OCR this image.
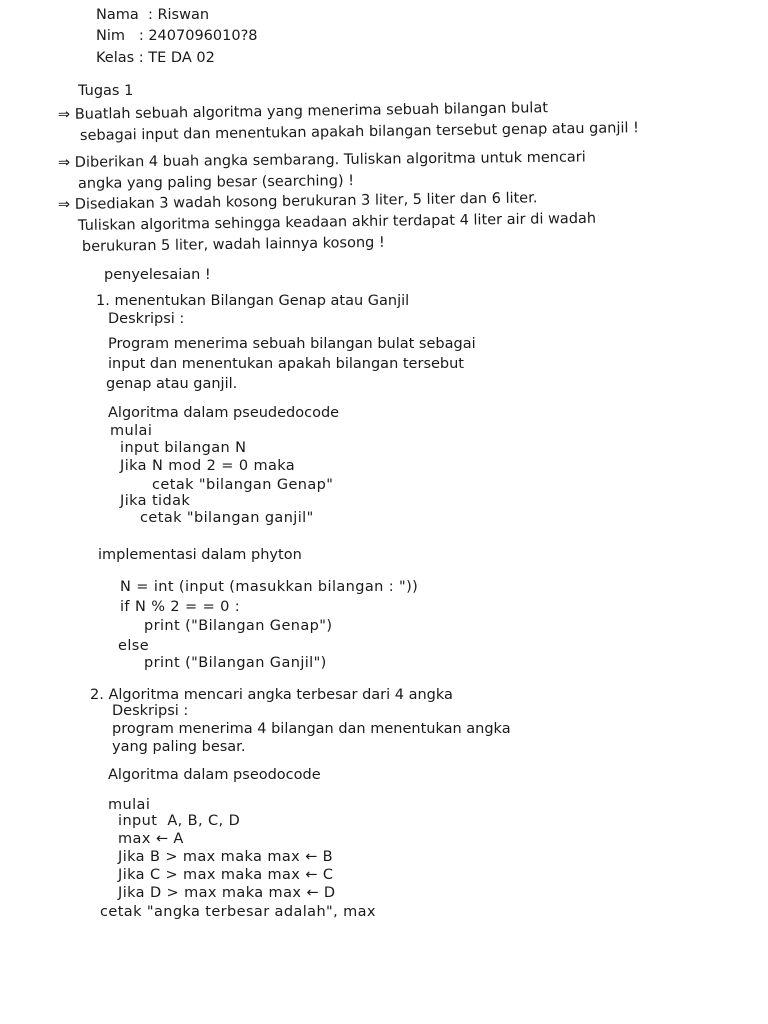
Nama  : Riswan
Nim   : 2407096010?8
Kelas : TE DA 02
Tugas 1
⇒ Buatlah sebuah algoritma yang menerima sebuah bilangan bulat
sebagai input dan menentukan apakah bilangan tersebut genap atau ganjil !
⇒ Diberikan 4 buah angka sembarang. Tuliskan algoritma untuk mencari
angka yang paling besar (searching) !
⇒ Disediakan 3 wadah kosong berukuran 3 liter, 5 liter dan 6 liter.
Tuliskan algoritma sehingga keadaan akhir terdapat 4 liter air di wadah
berukuran 5 liter, wadah lainnya kosong !
penyelesaian !
1. menentukan Bilangan Genap atau Ganjil
Deskripsi :
Program menerima sebuah bilangan bulat sebagai
input dan menentukan apakah bilangan tersebut
genap atau ganjil.
Algoritma dalam pseudedocode
mulai
input bilangan N
Jika N mod 2 = 0 maka
cetak "bilangan Genap"
Jika tidak
cetak "bilangan ganjil"
implementasi dalam phyton
N = int (input (masukkan bilangan : "))
if N % 2 = = 0 :
print ("Bilangan Genap")
else
print ("Bilangan Ganjil")
2. Algoritma mencari angka terbesar dari 4 angka
Deskripsi :
program menerima 4 bilangan dan menentukan angka
yang paling besar.
Algoritma dalam pseodocode
mulai
input  A, B, C, D
max ← A
Jika B > max maka max ← B
Jika C > max maka max ← C
Jika D > max maka max ← D
cetak "angka terbesar adalah", max
